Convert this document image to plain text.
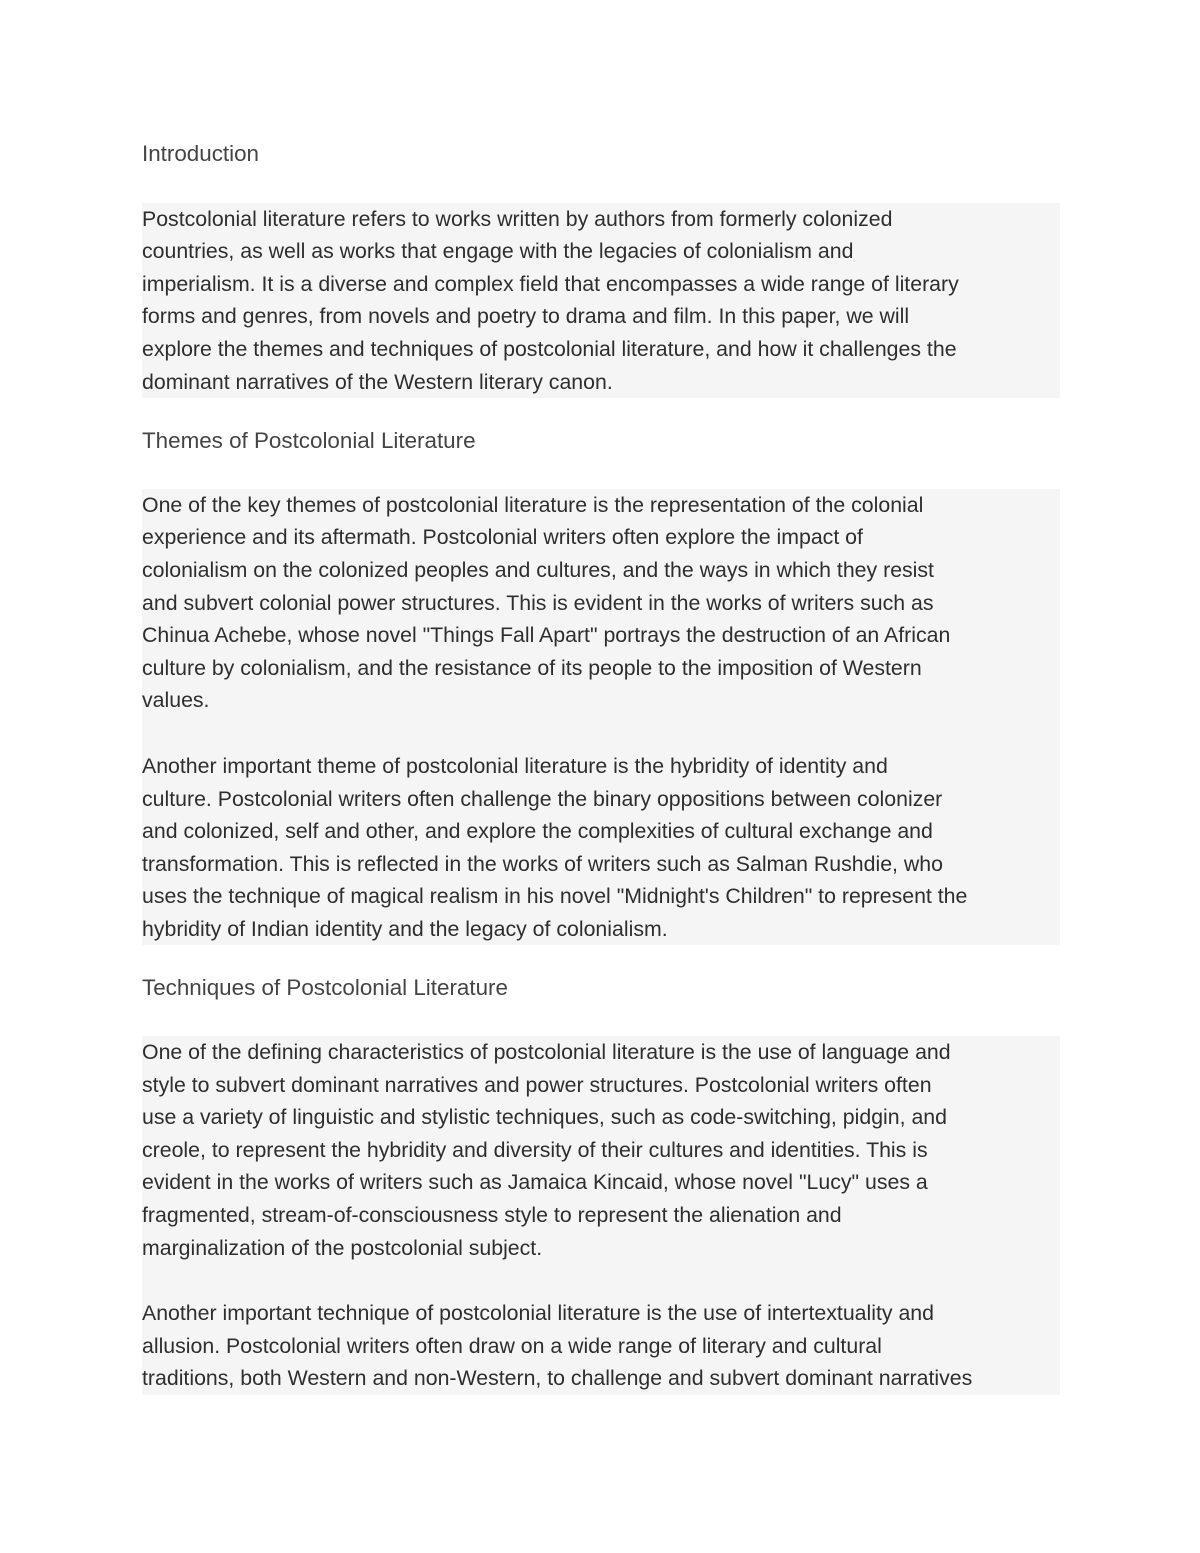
Introduction

Postcolonial literature refers to works written by authors from formerly colonized
countries, as well as works that engage with the legacies of colonialism and
imperialism. It is a diverse and complex field that encompasses a wide range of literary
forms and genres, from novels and poetry to drama and film. In this paper, we will
explore the themes and techniques of postcolonial literature, and how it challenges the
dominant narratives of the Western literary canon.

Themes of Postcolonial Literature

One of the key themes of postcolonial literature is the representation of the colonial
experience and its aftermath. Postcolonial writers often explore the impact of
colonialism on the colonized peoples and cultures, and the ways in which they resist
and subvert colonial power structures. This is evident in the works of writers such as
Chinua Achebe, whose novel "Things Fall Apart" portrays the destruction of an African
culture by colonialism, and the resistance of its people to the imposition of Western
values.

Another important theme of postcolonial literature is the hybridity of identity and
culture. Postcolonial writers often challenge the binary oppositions between colonizer
and colonized, self and other, and explore the complexities of cultural exchange and
transformation. This is reflected in the works of writers such as Salman Rushdie, who
uses the technique of magical realism in his novel "Midnight's Children" to represent the
hybridity of Indian identity and the legacy of colonialism.

Techniques of Postcolonial Literature

One of the defining characteristics of postcolonial literature is the use of language and
style to subvert dominant narratives and power structures. Postcolonial writers often
use a variety of linguistic and stylistic techniques, such as code-switching, pidgin, and
creole, to represent the hybridity and diversity of their cultures and identities. This is
evident in the works of writers such as Jamaica Kincaid, whose novel "Lucy" uses a
fragmented, stream-of-consciousness style to represent the alienation and
marginalization of the postcolonial subject.

Another important technique of postcolonial literature is the use of intertextuality and
allusion. Postcolonial writers often draw on a wide range of literary and cultural
traditions, both Western and non-Western, to challenge and subvert dominant narratives
